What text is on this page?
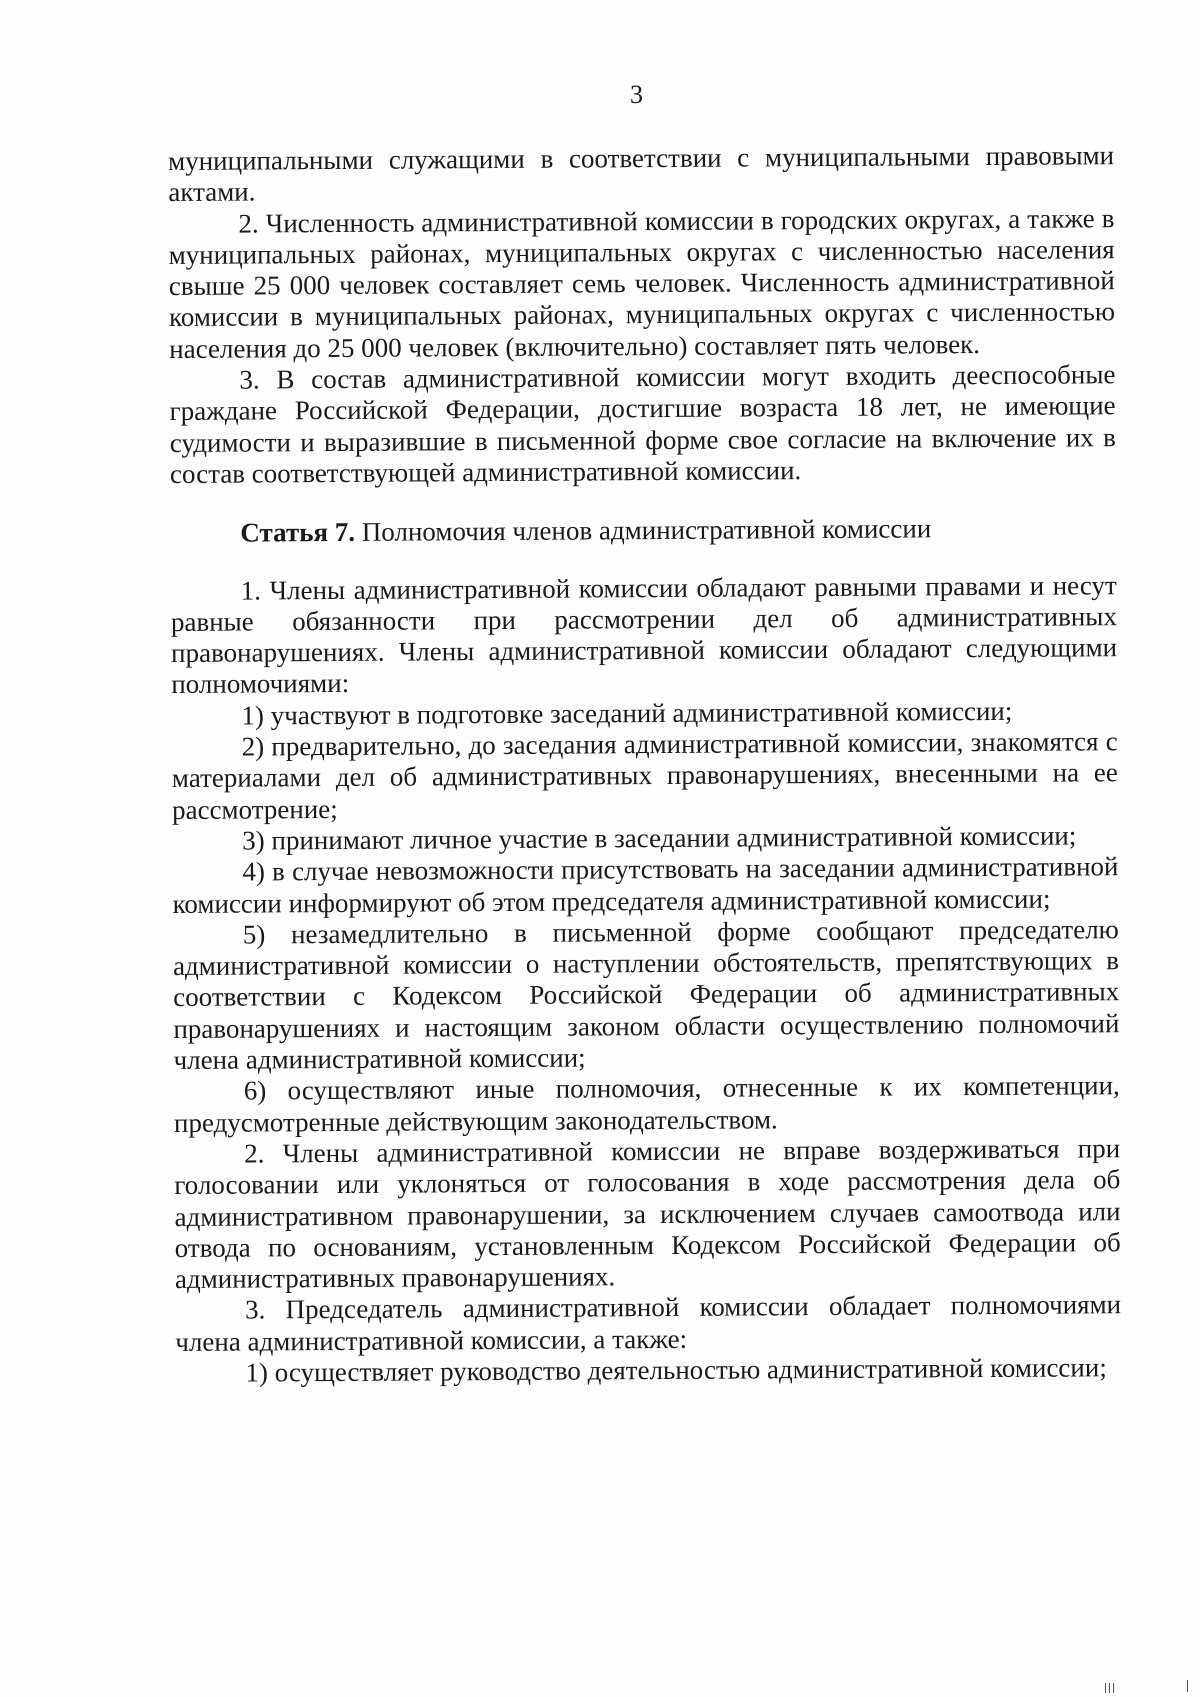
3

муниципальными служащими в соответствии с муниципальными правовыми актами.

2. Численность административной комиссии в городских округах, а также в муниципальных районах, муниципальных округах с численностью населения свыше 25 000 человек составляет семь человек. Численность административной комиссии в муниципальных районах, муниципальных округах с численностью населения до 25 000 человек (включительно) составляет пять человек.

3. В состав административной комиссии могут входить дееспособные граждане Российской Федерации, достигшие возраста 18 лет, не имеющие судимости и выразившие в письменной форме свое согласие на включение их в состав соответствующей административной комиссии.

Статья 7. Полномочия членов административной комиссии

1. Члены административной комиссии обладают равными правами и несут равные обязанности при рассмотрении дел об административных правонарушениях. Члены административной комиссии обладают следующими полномочиями:

1) участвуют в подготовке заседаний административной комиссии;

2) предварительно, до заседания административной комиссии, знакомятся с материалами дел об административных правонарушениях, внесенными на ее рассмотрение;

3) принимают личное участие в заседании административной комиссии;

4) в случае невозможности присутствовать на заседании административной комиссии информируют об этом председателя административной комиссии;

5) незамедлительно в письменной форме сообщают председателю административной комиссии о наступлении обстоятельств, препятствующих в соответствии с Кодексом Российской Федерации об административных правонарушениях и настоящим законом области осуществлению полномочий члена административной комиссии;

6) осуществляют иные полномочия, отнесенные к их компетенции, предусмотренные действующим законодательством.

2. Члены административной комиссии не вправе воздерживаться при голосовании или уклоняться от голосования в ходе рассмотрения дела об административном правонарушении, за исключением случаев самоотвода или отвода по основаниям, установленным Кодексом Российской Федерации об административных правонарушениях.

3. Председатель административной комиссии обладает полномочиями члена административной комиссии, а также:

1) осуществляет руководство деятельностью административной комиссии;
